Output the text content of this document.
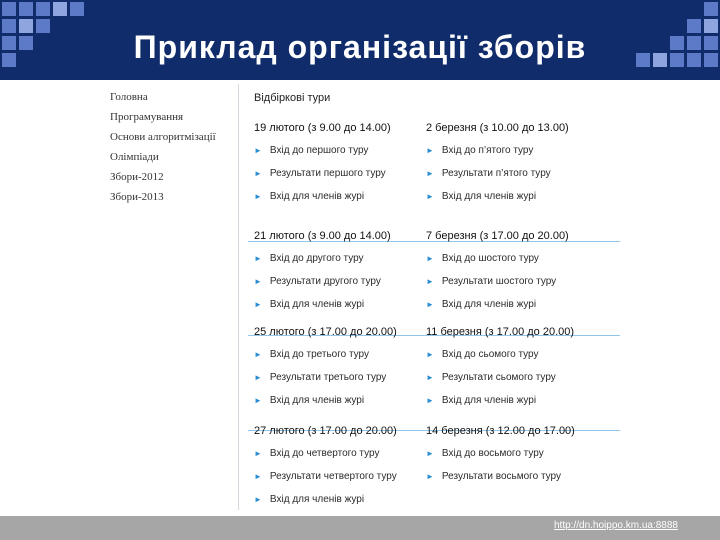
Приклад організації зборів
Головна
Програмування
Основи алгоритмізації
Олімпіади
Збори-2012
Збори-2013
Відбіркові тури
19 лютого (з 9.00 до 14.00)
► Вхід до першого туру
► Результати першого туру
► Вхід для членів журі
2 березня (з 10.00 до 13.00)
► Вхід до п’ятого туру
► Результати п’ятого туру
► Вхід для членів журі
21 лютого (з 9.00 до 14.00)
► Вхід до другого туру
► Результати другого туру
► Вхід для членів журі
7 березня (з 17.00 до 20.00)
► Вхід до шостого туру
► Результати шостого туру
► Вхід для членів журі
25 лютого (з 17.00 до 20.00)
► Вхід до третього туру
► Результати третього туру
► Вхід для членів журі
11 березня (з 17.00 до 20.00)
► Вхід до сьомого туру
► Результати сьомого туру
► Вхід для членів журі
27 лютого (з 17.00 до 20.00)
► Вхід до четвертого туру
► Результати четвертого туру
► Вхід для членів журі
14 березня (з 12.00 до 17.00)
► Вхід до восьмого туру
► Результати восьмого туру
http://dn.hoippo.km.ua:8888
